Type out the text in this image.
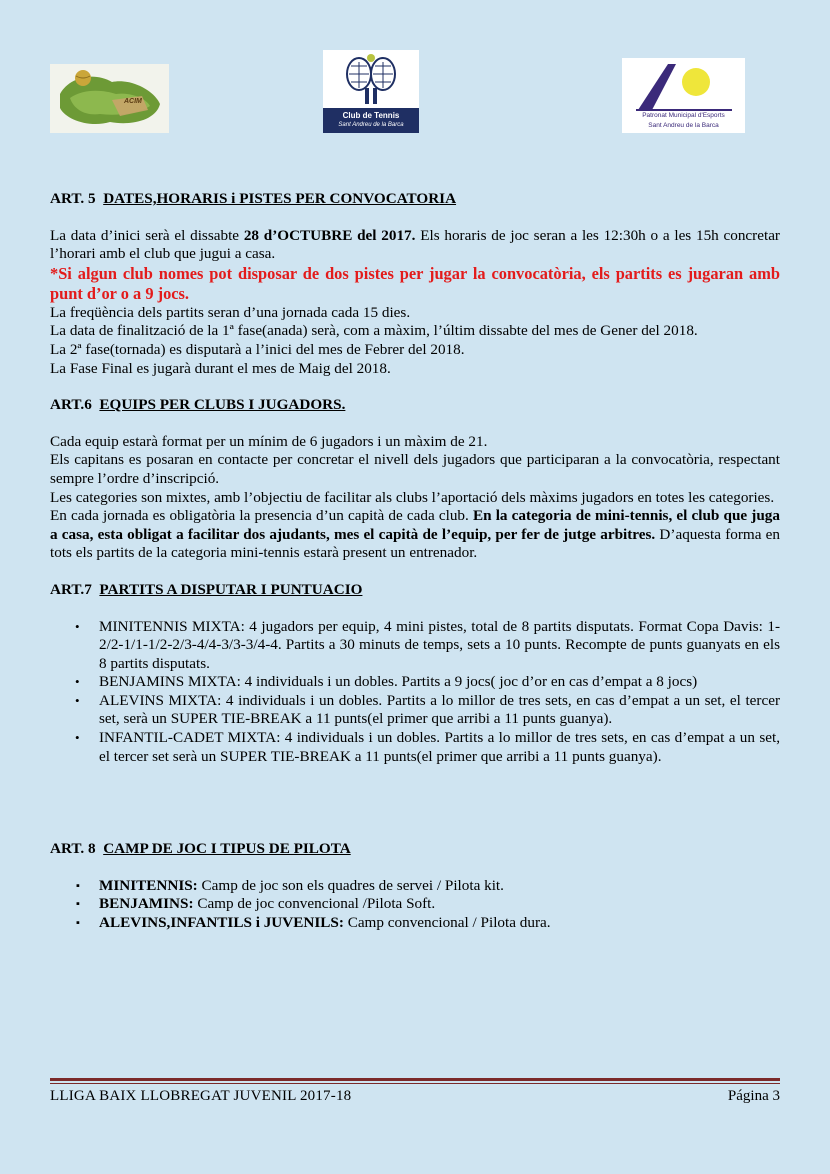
ACIM
Club de Tennis
Sant Andreu de la Barca
Patronat Municipal d'Esports
Sant Andreu de la Barca

ART. 5 DATES,HORARIS i PISTES PER CONVOCATORIA

La data d’inici serà el dissabte 28 d’OCTUBRE del 2017. Els horaris de joc seran a les 12:30h o a les 15h concretar l’horari amb el club que jugui a casa.

*Si algun club nomes pot disposar de dos pistes per jugar la convocatòria, els partits es jugaran amb punt d’or o a 9 jocs.

La freqüència dels partits seran d’una jornada cada 15 dies.

La data de finalització de la 1ª fase(anada) serà, com a màxim, l’últim dissabte del mes de Gener del 2018.

La 2ª fase(tornada) es disputarà a l’inici del mes de Febrer del 2018.

La Fase Final es jugarà durant el mes de Maig del 2018.

ART.6 EQUIPS PER CLUBS I JUGADORS.

Cada equip estarà format per un mínim de 6 jugadors i un màxim de 21.

Els capitans es posaran en contacte per concretar el nivell dels jugadors que participaran a la convocatòria, respectant sempre l’ordre d’inscripció.

Les categories son mixtes, amb l’objectiu de facilitar als clubs l’aportació dels màxims jugadors en totes les categories.

En cada jornada es obligatòria la presencia d’un capità de cada club. En la categoria de mini-tennis, el club que juga a casa, esta obligat a facilitar dos ajudants, mes el capità de l’equip, per fer de jutge arbitres. D’aquesta forma en tots els partits de la categoria mini-tennis estarà present un entrenador.

ART.7 PARTITS A DISPUTAR I PUNTUACIO

• MINITENNIS MIXTA: 4 jugadors per equip, 4 mini pistes, total de 8 partits disputats. Format Copa Davis: 1-2/2-1/1-1/2-2/3-4/4-3/3-3/4-4. Partits a 30 minuts de temps, sets a 10 punts. Recompte de punts guanyats en els 8 partits disputats.
• BENJAMINS MIXTA: 4 individuals i un dobles. Partits a 9 jocs( joc d’or en cas d’empat a 8 jocs)
• ALEVINS MIXTA: 4 individuals i un dobles. Partits a lo millor de tres sets, en cas d’empat a un set, el tercer set, serà un SUPER TIE-BREAK a 11 punts(el primer que arribi a 11 punts guanya).
• INFANTIL-CADET MIXTA: 4 individuals i un dobles. Partits a lo millor de tres sets, en cas d’empat a un set, el tercer set serà un SUPER TIE-BREAK a 11 punts(el primer que arribi a 11 punts guanya).

ART. 8 CAMP DE JOC I TIPUS DE PILOTA

▪ MINITENNIS: Camp de joc son els quadres de servei / Pilota kit.
▪ BENJAMINS: Camp de joc convencional /Pilota Soft.
▪ ALEVINS,INFANTILS i JUVENILS: Camp convencional / Pilota dura.
LLIGA BAIX LLOBREGAT JUVENIL 2017-18	Página 3
